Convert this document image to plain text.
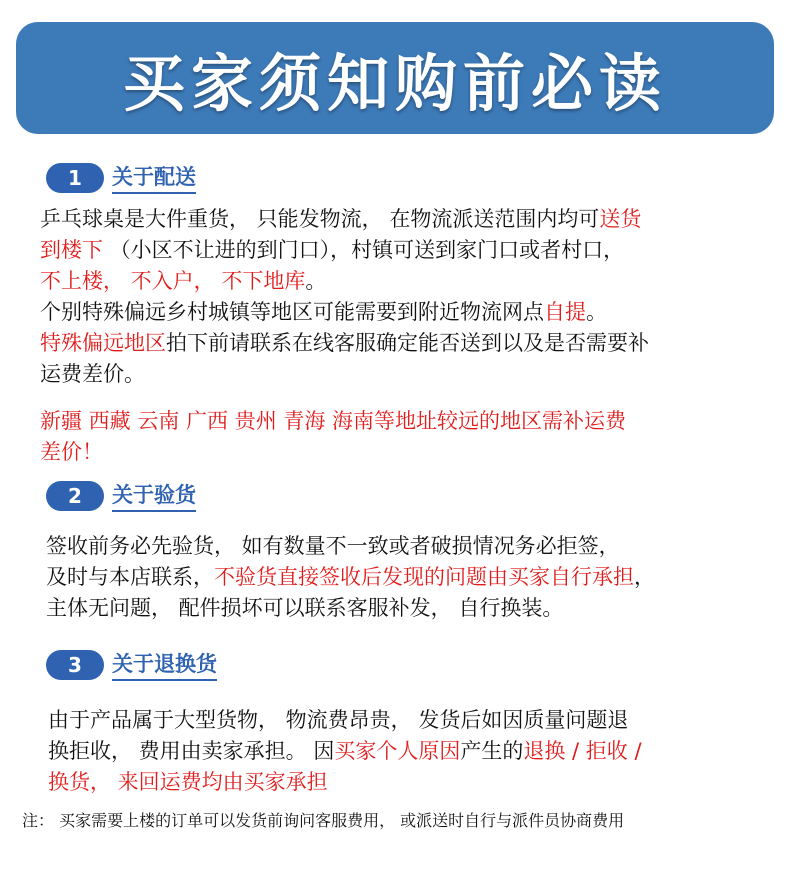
买家须知购前必读
1	关于配送
乒乓球桌是大件重货， 只能发物流， 在物流派送范围内均可送货
到楼下 （小区不让进的到门口），村镇可送到家门口或者村口，
不上楼， 不入户， 不下地库。
个别特殊偏远乡村城镇等地区可能需要到附近物流网点自提。
特殊偏远地区拍下前请联系在线客服确定能否送到以及是否需要补
运费差价。
新疆 西藏 云南 广西 贵州 青海 海南等地址较远的地区需补运费
差价！
2	关于验货
签收前务必先验货， 如有数量不一致或者破损情况务必拒签，
及时与本店联系，不验货直接签收后发现的问题由买家自行承担，
主体无问题， 配件损坏可以联系客服补发， 自行换装。
3	关于退换货
由于产品属于大型货物， 物流费昂贵， 发货后如因质量问题退
换拒收， 费用由卖家承担。 因买家个人原因产生的退换 / 拒收 /
换货， 来回运费均由买家承担
注： 买家需要上楼的订单可以发货前询问客服费用， 或派送时自行与派件员协商费用
